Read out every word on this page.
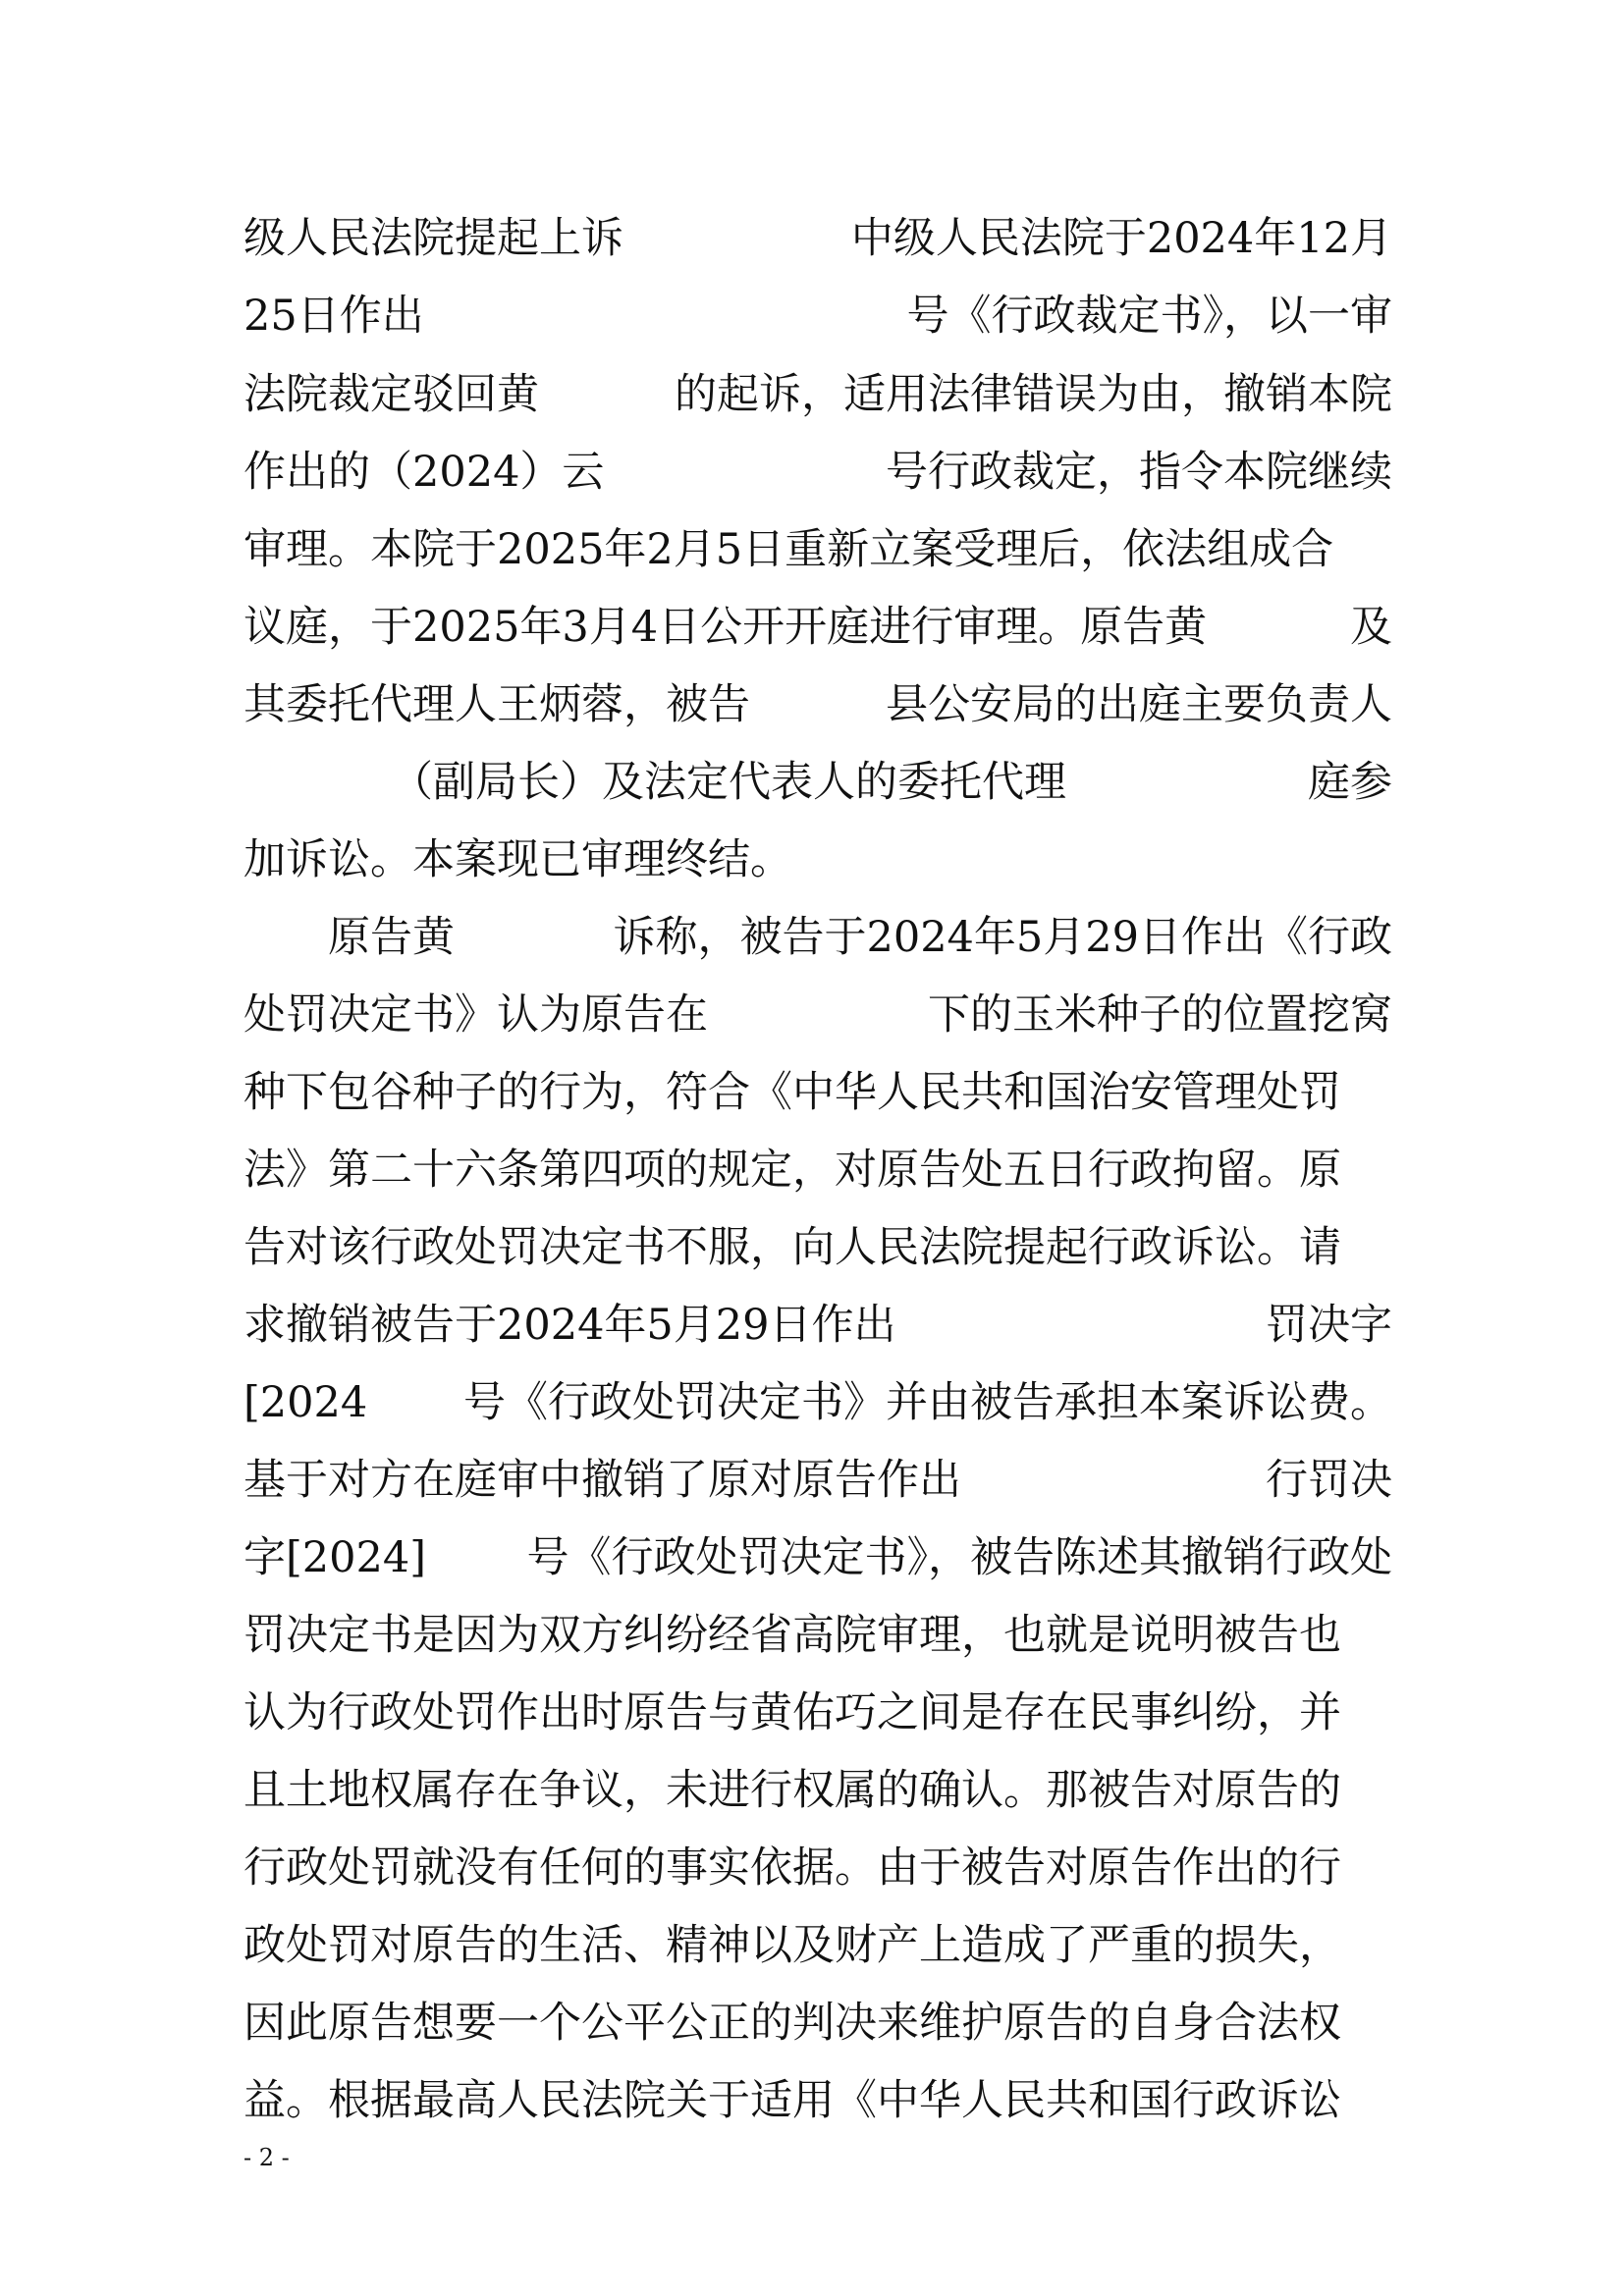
级人民法院提起上诉	中级人民法院于2024年12月
25日作出	号《行政裁定书》，以一审
法院裁定驳回黄	的起诉，适用法律错误为由，撤销本院
作出的（2024）云	号行政裁定，指令本院继续
审理。本院于2025年2月5日重新立案受理后，依法组成合
议庭，于2025年3月4日公开开庭进行审理。原告黄	及
其委托代理人王炳蓉，被告	县公安局的出庭主要负责人
（副局长）及法定代表人的委托代理	庭参
加诉讼。本案现已审理终结。
原告黄	诉称，被告于2024年5月29日作出《行政
处罚决定书》认为原告在	下的玉米种子的位置挖窝
种下包谷种子的行为，符合《中华人民共和国治安管理处罚
法》第二十六条第四项的规定，对原告处五日行政拘留。原
告对该行政处罚决定书不服，向人民法院提起行政诉讼。请
求撤销被告于2024年5月29日作出	罚决字
[2024 号《行政处罚决定书》并由被告承担本案诉讼费。
基于对方在庭审中撤销了原对原告作出	行罚决
字[2024] 号《行政处罚决定书》，被告陈述其撤销行政处
罚决定书是因为双方纠纷经省高院审理，也就是说明被告也
认为行政处罚作出时原告与黄佑巧之间是存在民事纠纷，并
且土地权属存在争议，未进行权属的确认。那被告对原告的
行政处罚就没有任何的事实依据。由于被告对原告作出的行
政处罚对原告的生活、精神以及财产上造成了严重的损失，
因此原告想要一个公平公正的判决来维护原告的自身合法权
益。根据最高人民法院关于适用《中华人民共和国行政诉讼
- 2 -
